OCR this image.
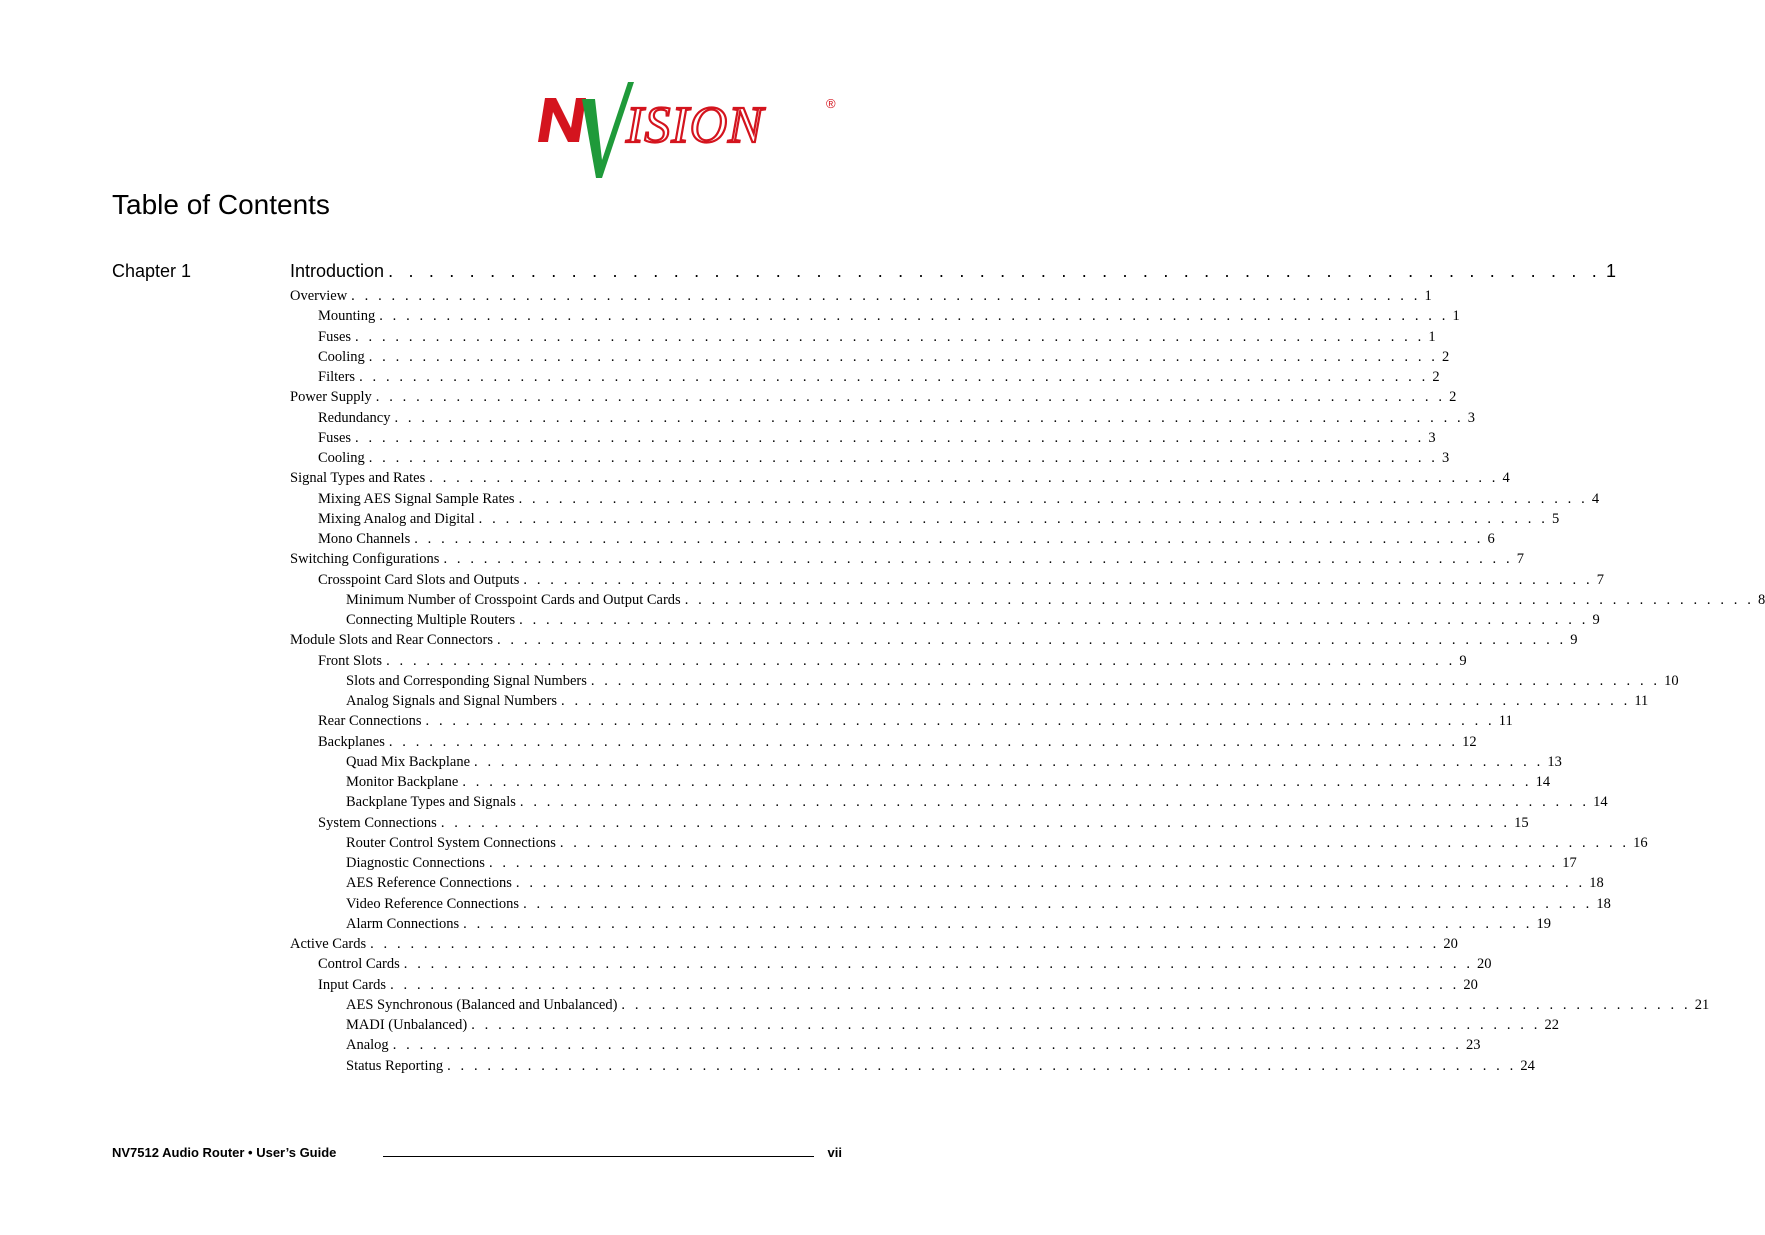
ISION	®
Table of Contents
Chapter 1	Introduction . . . . . . . . . . . . . . . . . . . . . . . . . . . . . . . . . . . . . . . . . . . . . . . . . . . . . . . . . . . . 1
Overview . . . . . . . . . . . . . . . . . . . . . . . . . . . . . . . . . . . . . . . . . . . . . . . . . . . . . . . . . . . . . . . . . . . . . . . . . . . . . . . . 1
Mounting . . . . . . . . . . . . . . . . . . . . . . . . . . . . . . . . . . . . . . . . . . . . . . . . . . . . . . . . . . . . . . . . . . . . . . . . . . . . . . . . 1
Fuses . . . . . . . . . . . . . . . . . . . . . . . . . . . . . . . . . . . . . . . . . . . . . . . . . . . . . . . . . . . . . . . . . . . . . . . . . . . . . . . . 1
Cooling . . . . . . . . . . . . . . . . . . . . . . . . . . . . . . . . . . . . . . . . . . . . . . . . . . . . . . . . . . . . . . . . . . . . . . . . . . . . . . . . 2
Filters . . . . . . . . . . . . . . . . . . . . . . . . . . . . . . . . . . . . . . . . . . . . . . . . . . . . . . . . . . . . . . . . . . . . . . . . . . . . . . . . 2
Power Supply . . . . . . . . . . . . . . . . . . . . . . . . . . . . . . . . . . . . . . . . . . . . . . . . . . . . . . . . . . . . . . . . . . . . . . . . . . . . . . . . 2
Redundancy . . . . . . . . . . . . . . . . . . . . . . . . . . . . . . . . . . . . . . . . . . . . . . . . . . . . . . . . . . . . . . . . . . . . . . . . . . . . . . . . 3
Fuses . . . . . . . . . . . . . . . . . . . . . . . . . . . . . . . . . . . . . . . . . . . . . . . . . . . . . . . . . . . . . . . . . . . . . . . . . . . . . . . . 3
Cooling . . . . . . . . . . . . . . . . . . . . . . . . . . . . . . . . . . . . . . . . . . . . . . . . . . . . . . . . . . . . . . . . . . . . . . . . . . . . . . . . 3
Signal Types and Rates . . . . . . . . . . . . . . . . . . . . . . . . . . . . . . . . . . . . . . . . . . . . . . . . . . . . . . . . . . . . . . . . . . . . . . . . . . . . . . . . 4
Mixing AES Signal Sample Rates . . . . . . . . . . . . . . . . . . . . . . . . . . . . . . . . . . . . . . . . . . . . . . . . . . . . . . . . . . . . . . . . . . . . . . . . . . . . . . . . 4
Mixing Analog and Digital . . . . . . . . . . . . . . . . . . . . . . . . . . . . . . . . . . . . . . . . . . . . . . . . . . . . . . . . . . . . . . . . . . . . . . . . . . . . . . . . 5
Mono Channels . . . . . . . . . . . . . . . . . . . . . . . . . . . . . . . . . . . . . . . . . . . . . . . . . . . . . . . . . . . . . . . . . . . . . . . . . . . . . . . . 6
Switching Configurations . . . . . . . . . . . . . . . . . . . . . . . . . . . . . . . . . . . . . . . . . . . . . . . . . . . . . . . . . . . . . . . . . . . . . . . . . . . . . . . . 7
Crosspoint Card Slots and Outputs . . . . . . . . . . . . . . . . . . . . . . . . . . . . . . . . . . . . . . . . . . . . . . . . . . . . . . . . . . . . . . . . . . . . . . . . . . . . . . . . 7
Minimum Number of Crosspoint Cards and Output Cards . . . . . . . . . . . . . . . . . . . . . . . . . . . . . . . . . . . . . . . . . . . . . . . . . . . . . . . . . . . . . . . . . . . . . . . . . . . . . . . . 8
Connecting Multiple Routers . . . . . . . . . . . . . . . . . . . . . . . . . . . . . . . . . . . . . . . . . . . . . . . . . . . . . . . . . . . . . . . . . . . . . . . . . . . . . . . . 9
Module Slots and Rear Connectors . . . . . . . . . . . . . . . . . . . . . . . . . . . . . . . . . . . . . . . . . . . . . . . . . . . . . . . . . . . . . . . . . . . . . . . . . . . . . . . . 9
Front Slots . . . . . . . . . . . . . . . . . . . . . . . . . . . . . . . . . . . . . . . . . . . . . . . . . . . . . . . . . . . . . . . . . . . . . . . . . . . . . . . . 9
Slots and Corresponding Signal Numbers . . . . . . . . . . . . . . . . . . . . . . . . . . . . . . . . . . . . . . . . . . . . . . . . . . . . . . . . . . . . . . . . . . . . . . . . . . . . . . . . 10
Analog Signals and Signal Numbers . . . . . . . . . . . . . . . . . . . . . . . . . . . . . . . . . . . . . . . . . . . . . . . . . . . . . . . . . . . . . . . . . . . . . . . . . . . . . . . . 11
Rear Connections . . . . . . . . . . . . . . . . . . . . . . . . . . . . . . . . . . . . . . . . . . . . . . . . . . . . . . . . . . . . . . . . . . . . . . . . . . . . . . . . 11
Backplanes . . . . . . . . . . . . . . . . . . . . . . . . . . . . . . . . . . . . . . . . . . . . . . . . . . . . . . . . . . . . . . . . . . . . . . . . . . . . . . . . 12
Quad Mix Backplane . . . . . . . . . . . . . . . . . . . . . . . . . . . . . . . . . . . . . . . . . . . . . . . . . . . . . . . . . . . . . . . . . . . . . . . . . . . . . . . . 13
Monitor Backplane . . . . . . . . . . . . . . . . . . . . . . . . . . . . . . . . . . . . . . . . . . . . . . . . . . . . . . . . . . . . . . . . . . . . . . . . . . . . . . . . 14
Backplane Types and Signals . . . . . . . . . . . . . . . . . . . . . . . . . . . . . . . . . . . . . . . . . . . . . . . . . . . . . . . . . . . . . . . . . . . . . . . . . . . . . . . . 14
System Connections . . . . . . . . . . . . . . . . . . . . . . . . . . . . . . . . . . . . . . . . . . . . . . . . . . . . . . . . . . . . . . . . . . . . . . . . . . . . . . . . 15
Router Control System Connections . . . . . . . . . . . . . . . . . . . . . . . . . . . . . . . . . . . . . . . . . . . . . . . . . . . . . . . . . . . . . . . . . . . . . . . . . . . . . . . . 16
Diagnostic Connections . . . . . . . . . . . . . . . . . . . . . . . . . . . . . . . . . . . . . . . . . . . . . . . . . . . . . . . . . . . . . . . . . . . . . . . . . . . . . . . . 17
AES Reference Connections . . . . . . . . . . . . . . . . . . . . . . . . . . . . . . . . . . . . . . . . . . . . . . . . . . . . . . . . . . . . . . . . . . . . . . . . . . . . . . . . 18
Video Reference Connections . . . . . . . . . . . . . . . . . . . . . . . . . . . . . . . . . . . . . . . . . . . . . . . . . . . . . . . . . . . . . . . . . . . . . . . . . . . . . . . . 18
Alarm Connections . . . . . . . . . . . . . . . . . . . . . . . . . . . . . . . . . . . . . . . . . . . . . . . . . . . . . . . . . . . . . . . . . . . . . . . . . . . . . . . . 19
Active Cards . . . . . . . . . . . . . . . . . . . . . . . . . . . . . . . . . . . . . . . . . . . . . . . . . . . . . . . . . . . . . . . . . . . . . . . . . . . . . . . . 20
Control Cards . . . . . . . . . . . . . . . . . . . . . . . . . . . . . . . . . . . . . . . . . . . . . . . . . . . . . . . . . . . . . . . . . . . . . . . . . . . . . . . . 20
Input Cards . . . . . . . . . . . . . . . . . . . . . . . . . . . . . . . . . . . . . . . . . . . . . . . . . . . . . . . . . . . . . . . . . . . . . . . . . . . . . . . . 20
AES Synchronous (Balanced and Unbalanced) . . . . . . . . . . . . . . . . . . . . . . . . . . . . . . . . . . . . . . . . . . . . . . . . . . . . . . . . . . . . . . . . . . . . . . . . . . . . . . . . 21
MADI (Unbalanced) . . . . . . . . . . . . . . . . . . . . . . . . . . . . . . . . . . . . . . . . . . . . . . . . . . . . . . . . . . . . . . . . . . . . . . . . . . . . . . . . 22
Analog . . . . . . . . . . . . . . . . . . . . . . . . . . . . . . . . . . . . . . . . . . . . . . . . . . . . . . . . . . . . . . . . . . . . . . . . . . . . . . . . 23
Status Reporting . . . . . . . . . . . . . . . . . . . . . . . . . . . . . . . . . . . . . . . . . . . . . . . . . . . . . . . . . . . . . . . . . . . . . . . . . . . . . . . . 24
NV7512 Audio Router • User’s Guide	vii
